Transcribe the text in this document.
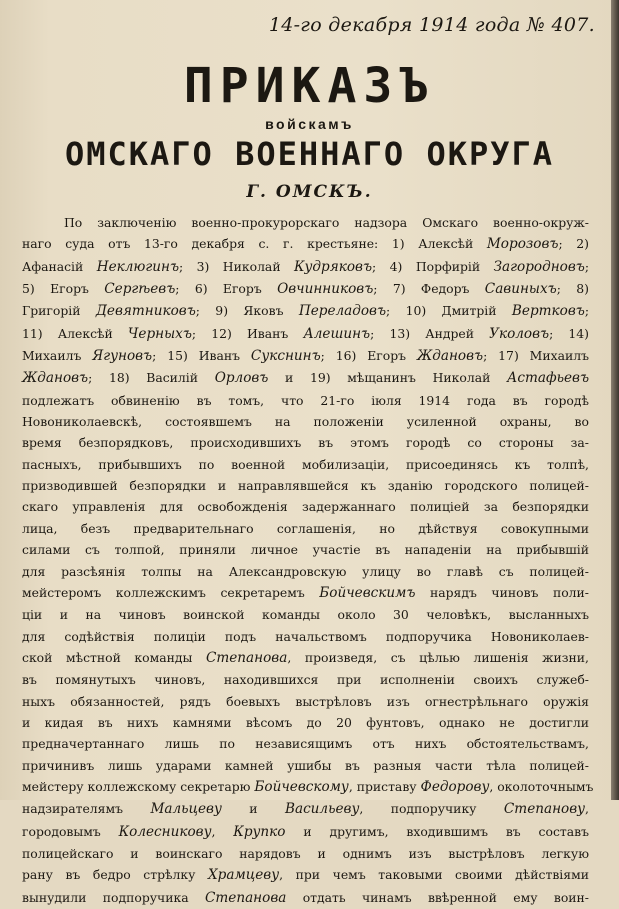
14-го декабря 1914 года № 407.
ПРИКАЗЪ
войскамъ
ОМСКАГО ВОЕННАГО ОКРУГА
Г. ОМСКЪ.
По заключенію военно-прокурорскаго надзора Омскаго военно-окруж-
наго суда отъ 13-го декабря с. г. крестьяне: 1) Алексѣй Морозовъ; 2)
Афанасій Неклюгинъ; 3) Николай Кудряковъ; 4) Порфирій Загородновъ;
5) Егоръ Сергѣевъ; 6) Егоръ Овчинниковъ; 7) Федоръ Савиныхъ; 8)
Григорій Девятниковъ; 9) Яковъ Переладовъ; 10) Дмитрій Вертковъ;
11) Алексѣй Черныхъ; 12) Иванъ Алешинъ; 13) Андрей Уколовъ; 14)
Михаилъ Ягуновъ; 15) Иванъ Сукснинъ; 16) Егоръ Ждановъ; 17) Михаилъ
Ждановъ; 18) Василій Орловъ и 19) мѣщанинъ Николай Астафьевъ
подлежатъ обвиненію въ томъ, что 21-го іюля 1914 года въ городѣ
Новониколаевскѣ, состоявшемъ на положеніи усиленной охраны, во
время безпорядковъ, происходившихъ въ этомъ городѣ со стороны за-
пасныхъ, прибывшихъ по военной мобилизаціи, присоединясь къ толпѣ,
призводившей безпорядки и направлявшейся къ зданію городского полицей-
скаго управленія для освобожденія задержаннаго полиціей за безпорядки
лица, безъ предварительнаго соглашенія, но дѣйствуя совокупными
силами съ толпой, приняли личное участіе въ нападеніи на прибывшій
для разсѣянія толпы на Александровскую улицу во главѣ съ полицей-
мейстеромъ коллежскимъ секретаремъ Бойчевскимъ нарядъ чиновъ поли-
ціи и на чиновъ воинской команды около 30 человѣкъ, высланныхъ
для содѣйствія полиціи подъ начальствомъ подпоручика Новониколаев-
ской мѣстной команды Степанова, произведя, съ цѣлью лишенія жизни,
въ помянутыхъ чиновъ, находившихся при исполненіи своихъ служеб-
ныхъ обязанностей, рядъ боевыхъ выстрѣловъ изъ огнестрѣльнаго оружія
и кидая въ нихъ камнями вѣсомъ до 20 фунтовъ, однако не достигли
предначертаннаго лишь по независящимъ отъ нихъ обстоятельствамъ,
причинивъ лишь ударами камней ушибы въ разныя части тѣла полицей-
мейстеру коллежскому секретарю Бойчевскому, приставу Федорову, околоточнымъ
надзирателямъ Мальцеву и Васильеву, подпоручику Степанову,
городовымъ Колесникову, Крупко и другимъ, входившимъ въ составъ
полицейскаго и воинскаго нарядовъ и однимъ изъ выстрѣловъ легкую
рану въ бедро стрѣлку Храмцеву, при чемъ таковыми своими дѣйствіями
вынудили подпоручика Степанова отдать чинамъ ввѣренной ему воин-
